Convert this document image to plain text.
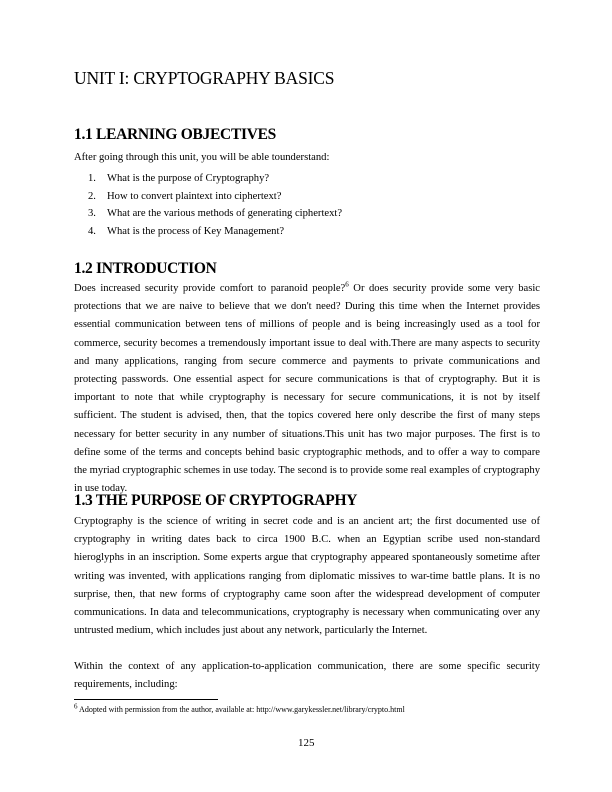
UNIT I: CRYPTOGRAPHY BASICS
1.1 LEARNING OBJECTIVES

After going through this unit, you will be able tounderstand:

1. What is the purpose of Cryptography?
2. How to convert plaintext into ciphertext?
3. What are the various methods of generating ciphertext?
4. What is the process of Key Management?
1.2 INTRODUCTION

Does increased security provide comfort to paranoid people?$^6$ Or does security provide some very basic protections that we are naive to believe that we don't need? During this time when the Internet provides essential communication between tens of millions of people and is being increasingly used as a tool for commerce, security becomes a tremendously important issue to deal with.There are many aspects to security and many applications, ranging from secure commerce and payments to private communications and protecting passwords. One essential aspect for secure communications is that of cryptography. But it is important to note that while cryptography is necessary for secure communications, it is not by itself sufficient. The student is advised, then, that the topics covered here only describe the first of many steps necessary for better security in any number of situations.This unit has two major purposes. The first is to define some of the terms and concepts behind basic cryptographic methods, and to offer a way to compare the myriad cryptographic schemes in use today. The second is to provide some real examples of cryptography in use today.

1.3 THE PURPOSE OF CRYPTOGRAPHY

Cryptography is the science of writing in secret code and is an ancient art; the first documented use of cryptography in writing dates back to circa 1900 B.C. when an Egyptian scribe used non-standard hieroglyphs in an inscription. Some experts argue that cryptography appeared spontaneously sometime after writing was invented, with applications ranging from diplomatic missives to war-time battle plans. It is no surprise, then, that new forms of cryptography came soon after the widespread development of computer communications. In data and telecommunications, cryptography is necessary when communicating over any untrusted medium, which includes just about any network, particularly the Internet.

Within the context of any application-to-application communication, there are some specific security requirements, including:

$^6$ Adopted with permission from the author, available at: http://www.garykessler.net/library/crypto.html
125
